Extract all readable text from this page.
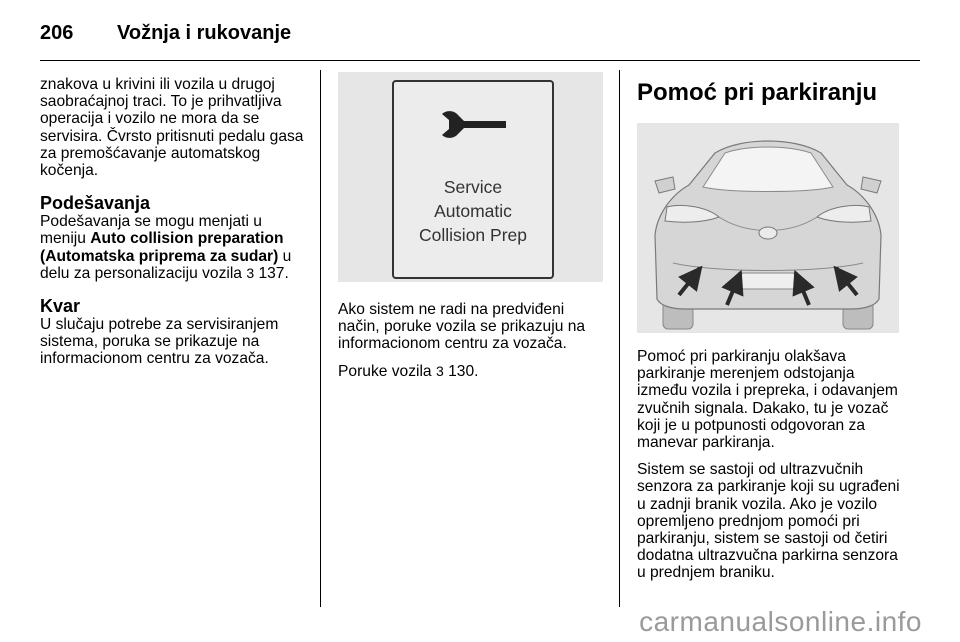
206 Vožnja i rukovanje

znakova u krivini ili vozila u drugoj saobraćajnoj traci. To je prihvatljiva operacija i vozilo ne mora da se servisira. Čvrsto pritisnuti pedalu gasa za premošćavanje automatskog kočenja.

Podešavanja

Podešavanja se mogu menjati u meniju Auto collision preparation (Automatska priprema za sudar) u delu za personalizaciju vozila 3 137.

Kvar

U slučaju potrebe za servisiranjem sistema, poruka se prikazuje na informacionom centru za vozača.

Service
Automatic
Collision Prep

Ako sistem ne radi na predviđeni način, poruke vozila se prikazuju na informacionom centru za vozača.

Poruke vozila 3 130.

Pomoć pri parkiranju

Pomoć pri parkiranju olakšava parkiranje merenjem odstojanja između vozila i prepreka, i odavanjem zvučnih signala. Dakako, tu je vozač koji je u potpunosti odgovoran za manevar parkiranja.

Sistem se sastoji od ultrazvučnih senzora za parkiranje koji su ugrađeni u zadnji branik vozila. Ako je vozilo opremljeno prednjom pomoći pri parkiranju, sistem se sastoji od četiri dodatna ultrazvučna parkirna senzora u prednjem braniku.

carmanualsonline.info
